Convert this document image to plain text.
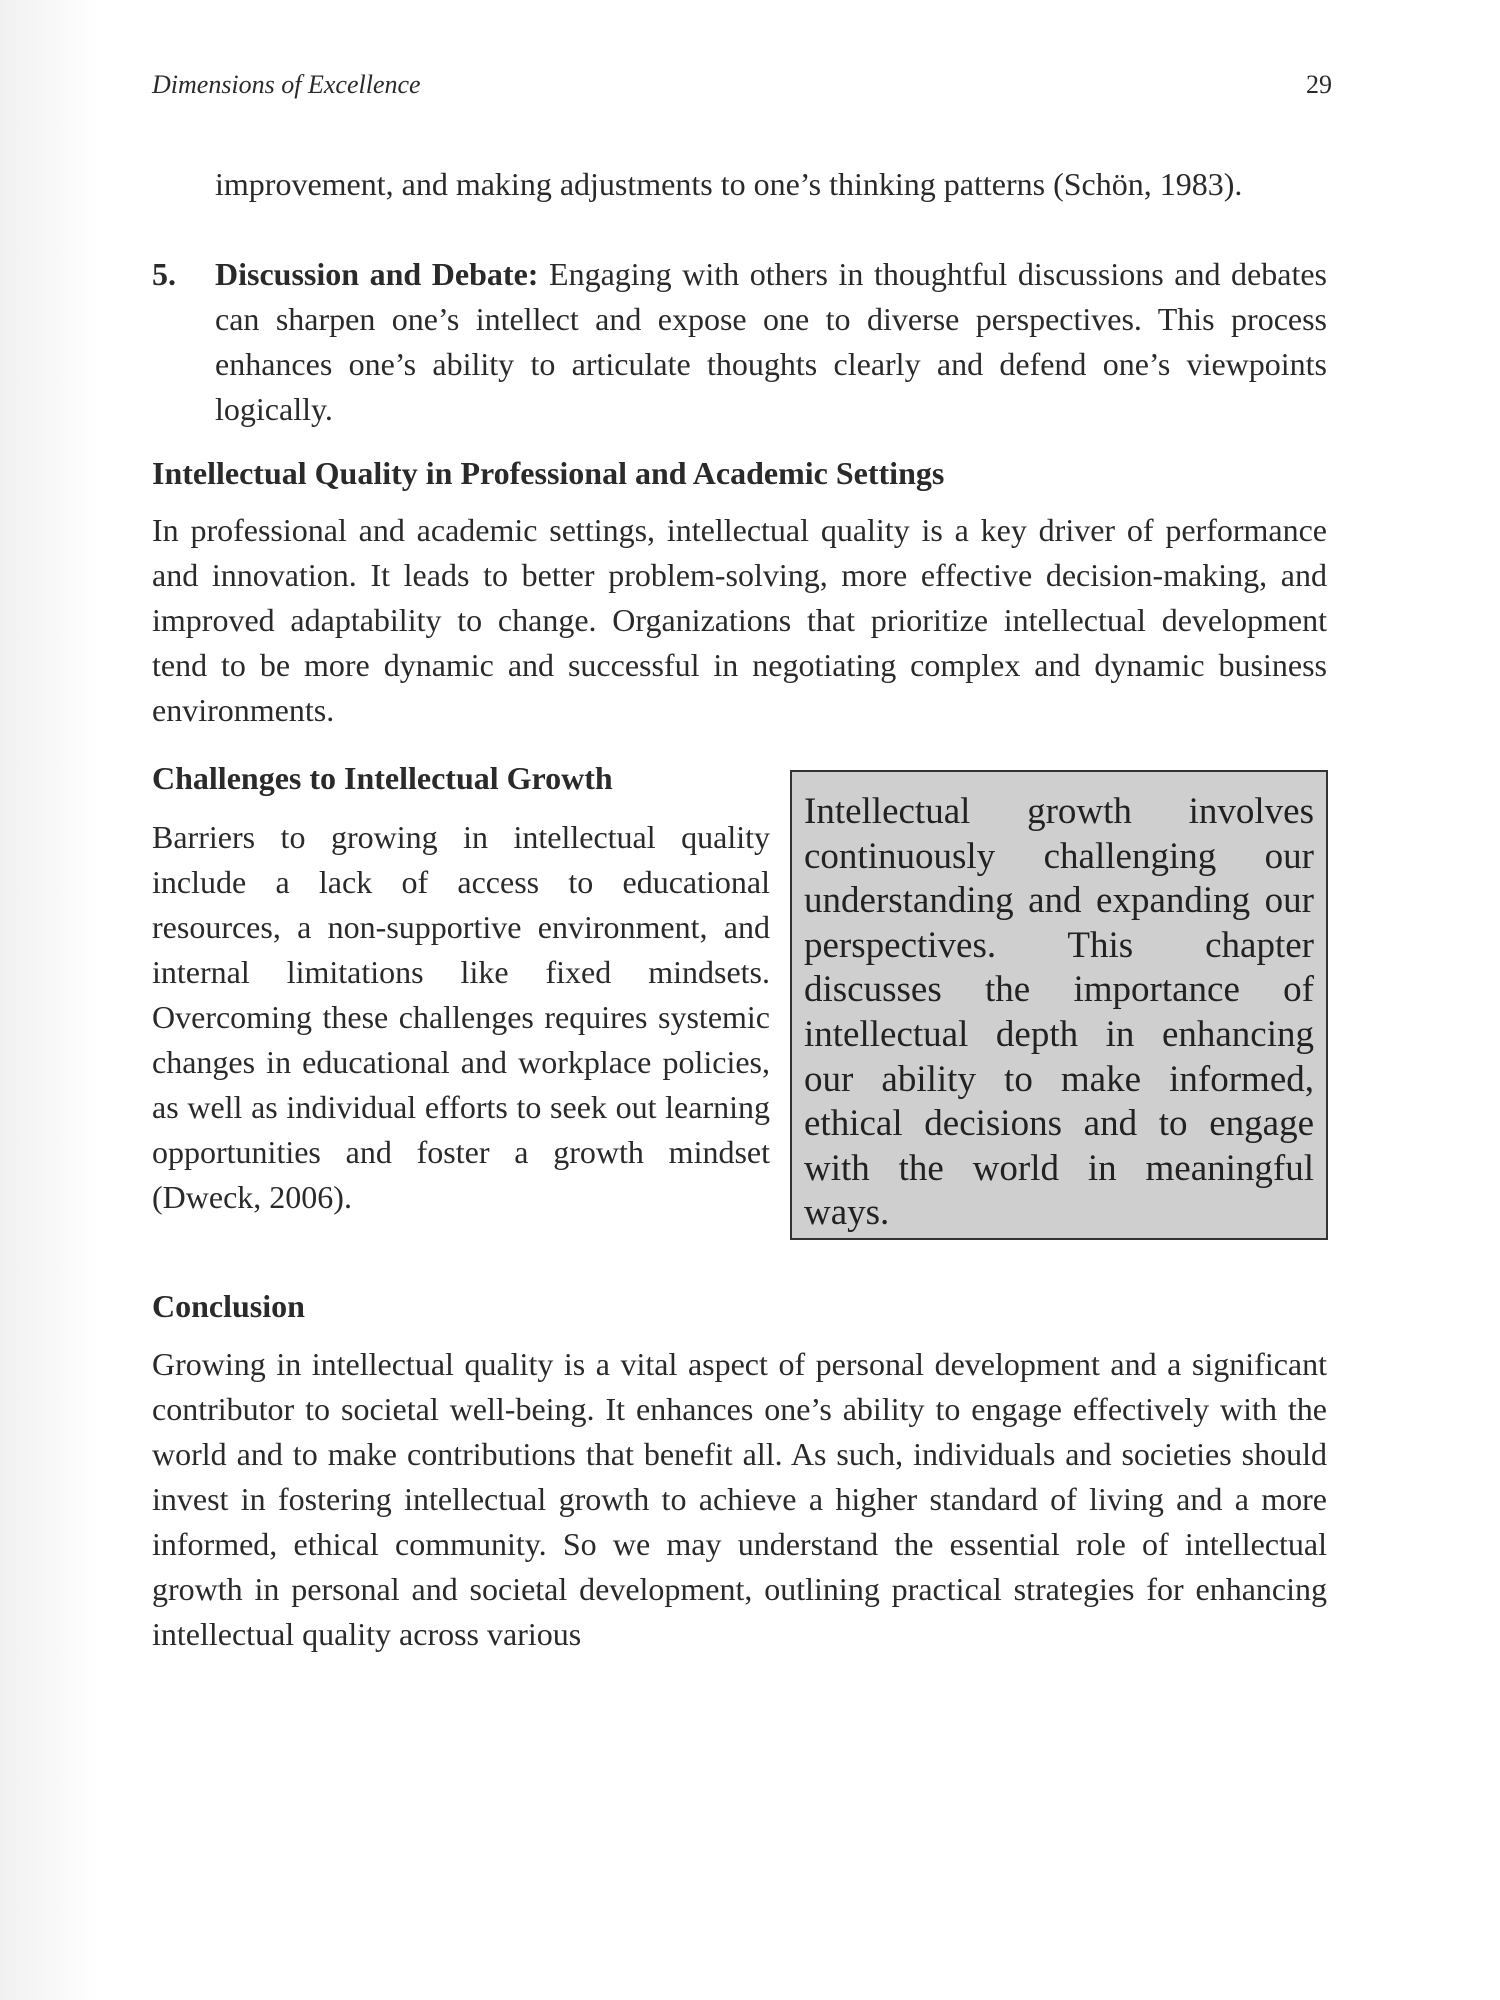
Dimensions of Excellence	29
improvement, and making adjustments to one’s thinking patterns (Schön, 1983).
5. Discussion and Debate: Engaging with others in thoughtful discussions and debates can sharpen one’s intellect and expose one to diverse perspectives. This process enhances one’s ability to articulate thoughts clearly and defend one’s viewpoints logically.
Intellectual Quality in Professional and Academic Settings
In professional and academic settings, intellectual quality is a key driver of performance and innovation. It leads to better problem-solving, more effective decision-making, and improved adaptability to change. Organizations that prioritize intellectual development tend to be more dynamic and successful in negotiating complex and dynamic business environments.
Challenges to Intellectual Growth
Barriers to growing in intellectual quality include a lack of access to educational resources, a non-supportive environment, and internal limitations like fixed mindsets. Overcoming these challenges requires systemic changes in educational and workplace policies, as well as individual efforts to seek out learning opportunities and foster a growth mindset (Dweck, 2006).
Intellectual growth involves continuously challenging our understanding and expanding our perspectives. This chapter discusses the importance of intellectual depth in enhancing our ability to make informed, ethical decisions and to engage with the world in meaningful ways.
Conclusion
Growing in intellectual quality is a vital aspect of personal development and a significant contributor to societal well-being. It enhances one’s ability to engage effectively with the world and to make contributions that benefit all. As such, individuals and societies should invest in fostering intellectual growth to achieve a higher standard of living and a more informed, ethical community. So we may understand the essential role of intellectual growth in personal and societal development, outlining practical strategies for enhancing intellectual quality across various
